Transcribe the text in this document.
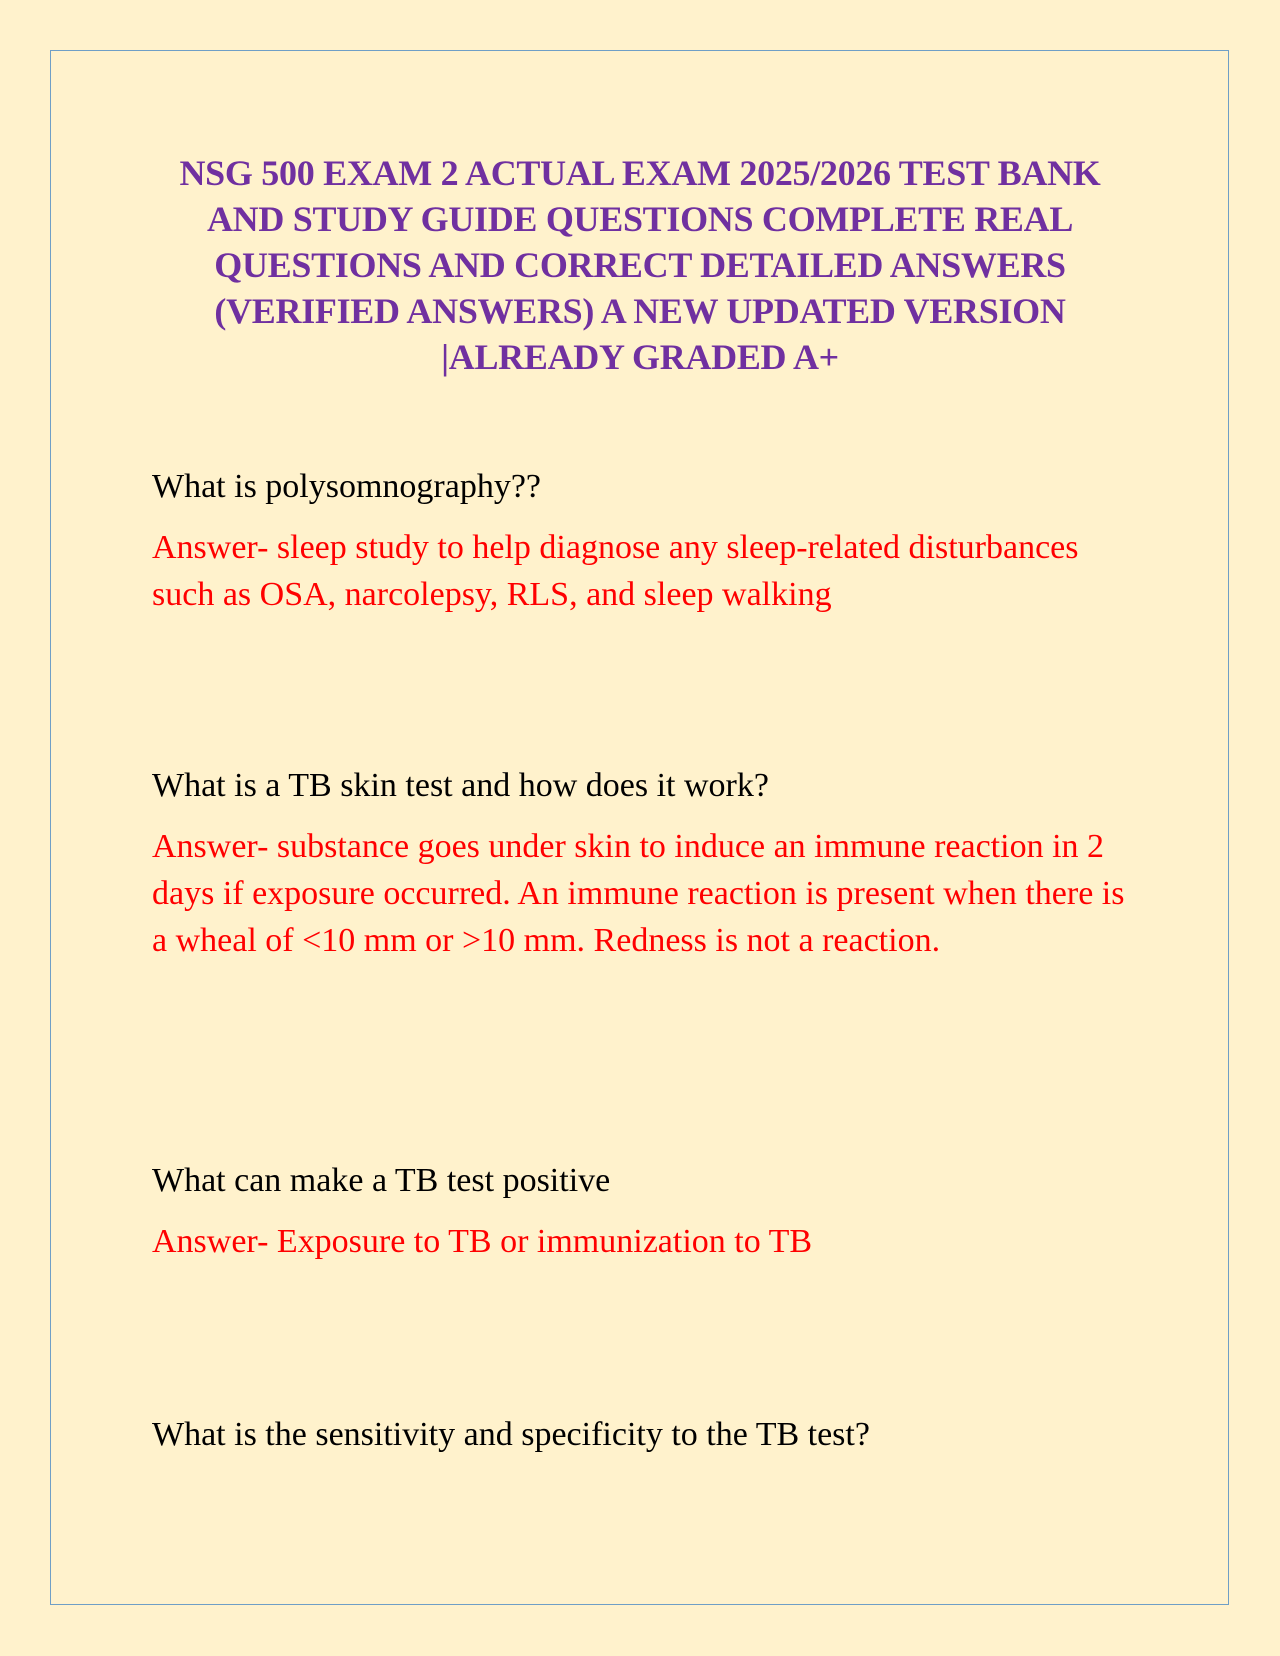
NSG 500 EXAM 2 ACTUAL EXAM 2025/2026 TEST BANK AND STUDY GUIDE QUESTIONS COMPLETE REAL QUESTIONS AND CORRECT DETAILED ANSWERS (VERIFIED ANSWERS) A NEW UPDATED VERSION |ALREADY GRADED A+

What is polysomnography??

Answer- sleep study to help diagnose any sleep-related disturbances such as OSA, narcolepsy, RLS, and sleep walking

What is a TB skin test and how does it work?

Answer- substance goes under skin to induce an immune reaction in 2 days if exposure occurred. An immune reaction is present when there is a wheal of <10 mm or >10 mm. Redness is not a reaction.

What can make a TB test positive

Answer- Exposure to TB or immunization to TB

What is the sensitivity and specificity to the TB test?
